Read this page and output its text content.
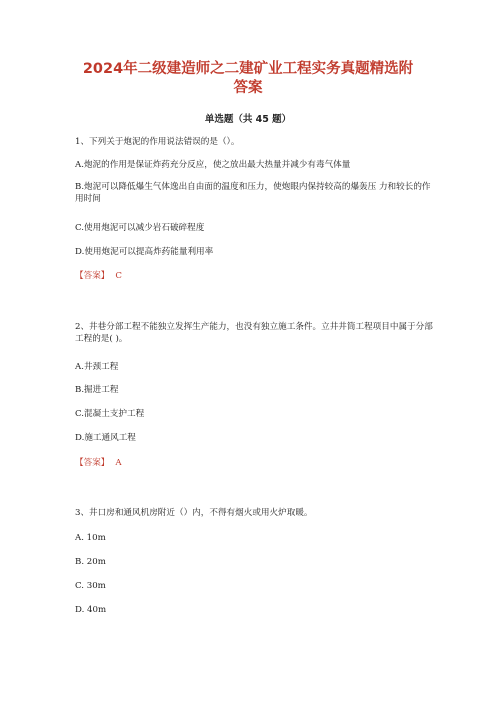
2024年二级建造师之二建矿业工程实务真题精选附
答案
单选题（共 45 题）
1、下列关于炮泥的作用说法错误的是（）。
A.炮泥的作用是保证炸药充分反应，使之放出最大热量并减少有毒气体量
B.炮泥可以降低爆生气体逸出自由面的温度和压力，使炮眼内保持较高的爆轰压 力和较长的作用时间
C.使用炮泥可以减少岩石破碎程度
D.使用炮泥可以提高炸药能量利用率
【答案】 C
2、井巷分部工程不能独立发挥生产能力，也没有独立施工条件。立井井筒工程项目中属于分部工程的是( )。
A.井颈工程
B.掘进工程
C.混凝土支护工程
D.施工通风工程
【答案】 A
3、井口房和通风机房附近（）内，不得有烟火或用火炉取暖。
A. 10m
B. 20m
C. 30m
D. 40m
